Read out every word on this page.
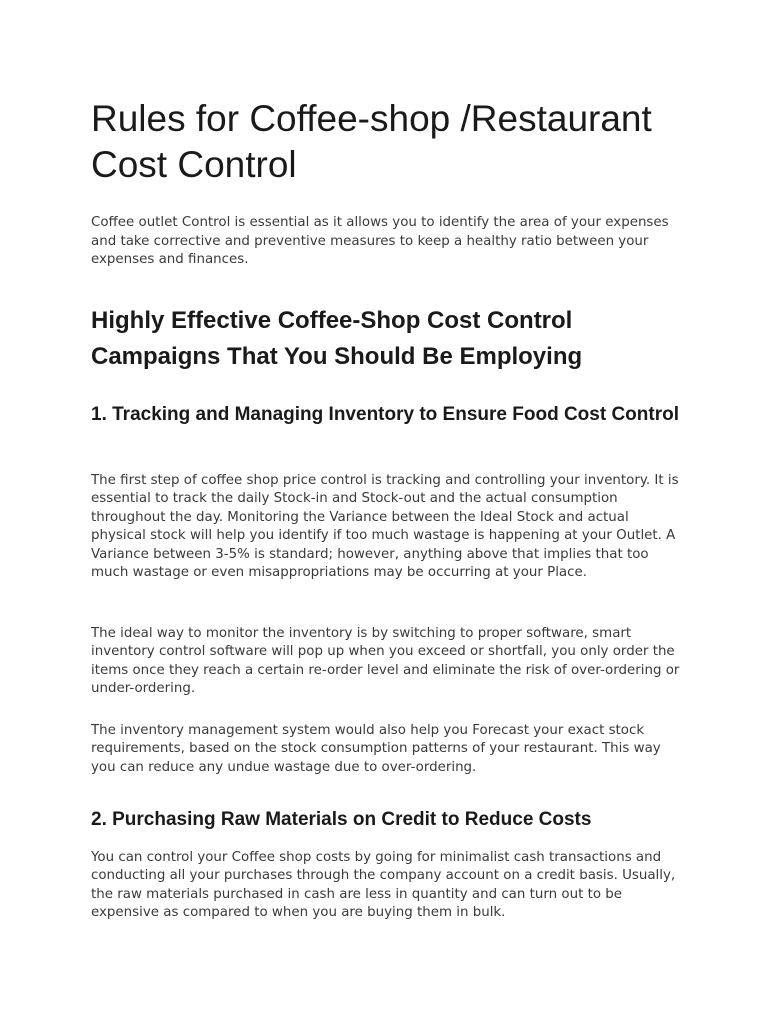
Rules for Coffee-shop /Restaurant Cost Control

Coffee outlet Control is essential as it allows you to identify the area of your expenses and take corrective and preventive measures to keep a healthy ratio between your expenses and finances.

Highly Effective Coffee-Shop Cost Control Campaigns That You Should Be Employing
1. Tracking and Managing Inventory to Ensure Food Cost Control

The first step of coffee shop price control is tracking and controlling your inventory. It is essential to track the daily Stock-in and Stock-out and the actual consumption throughout the day. Monitoring the Variance between the Ideal Stock and actual physical stock will help you identify if too much wastage is happening at your Outlet. A Variance between 3-5% is standard; however, anything above that implies that too much wastage or even misappropriations may be occurring at your Place.

The ideal way to monitor the inventory is by switching to proper software, smart inventory control software will pop up when you exceed or shortfall, you only order the items once they reach a certain re-order level and eliminate the risk of over-ordering or under-ordering.

The inventory management system would also help you Forecast your exact stock requirements, based on the stock consumption patterns of your restaurant. This way you can reduce any undue wastage due to over-ordering.

2. Purchasing Raw Materials on Credit to Reduce Costs

You can control your Coffee shop costs by going for minimalist cash transactions and conducting all your purchases through the company account on a credit basis. Usually, the raw materials purchased in cash are less in quantity and can turn out to be expensive as compared to when you are buying them in bulk.
